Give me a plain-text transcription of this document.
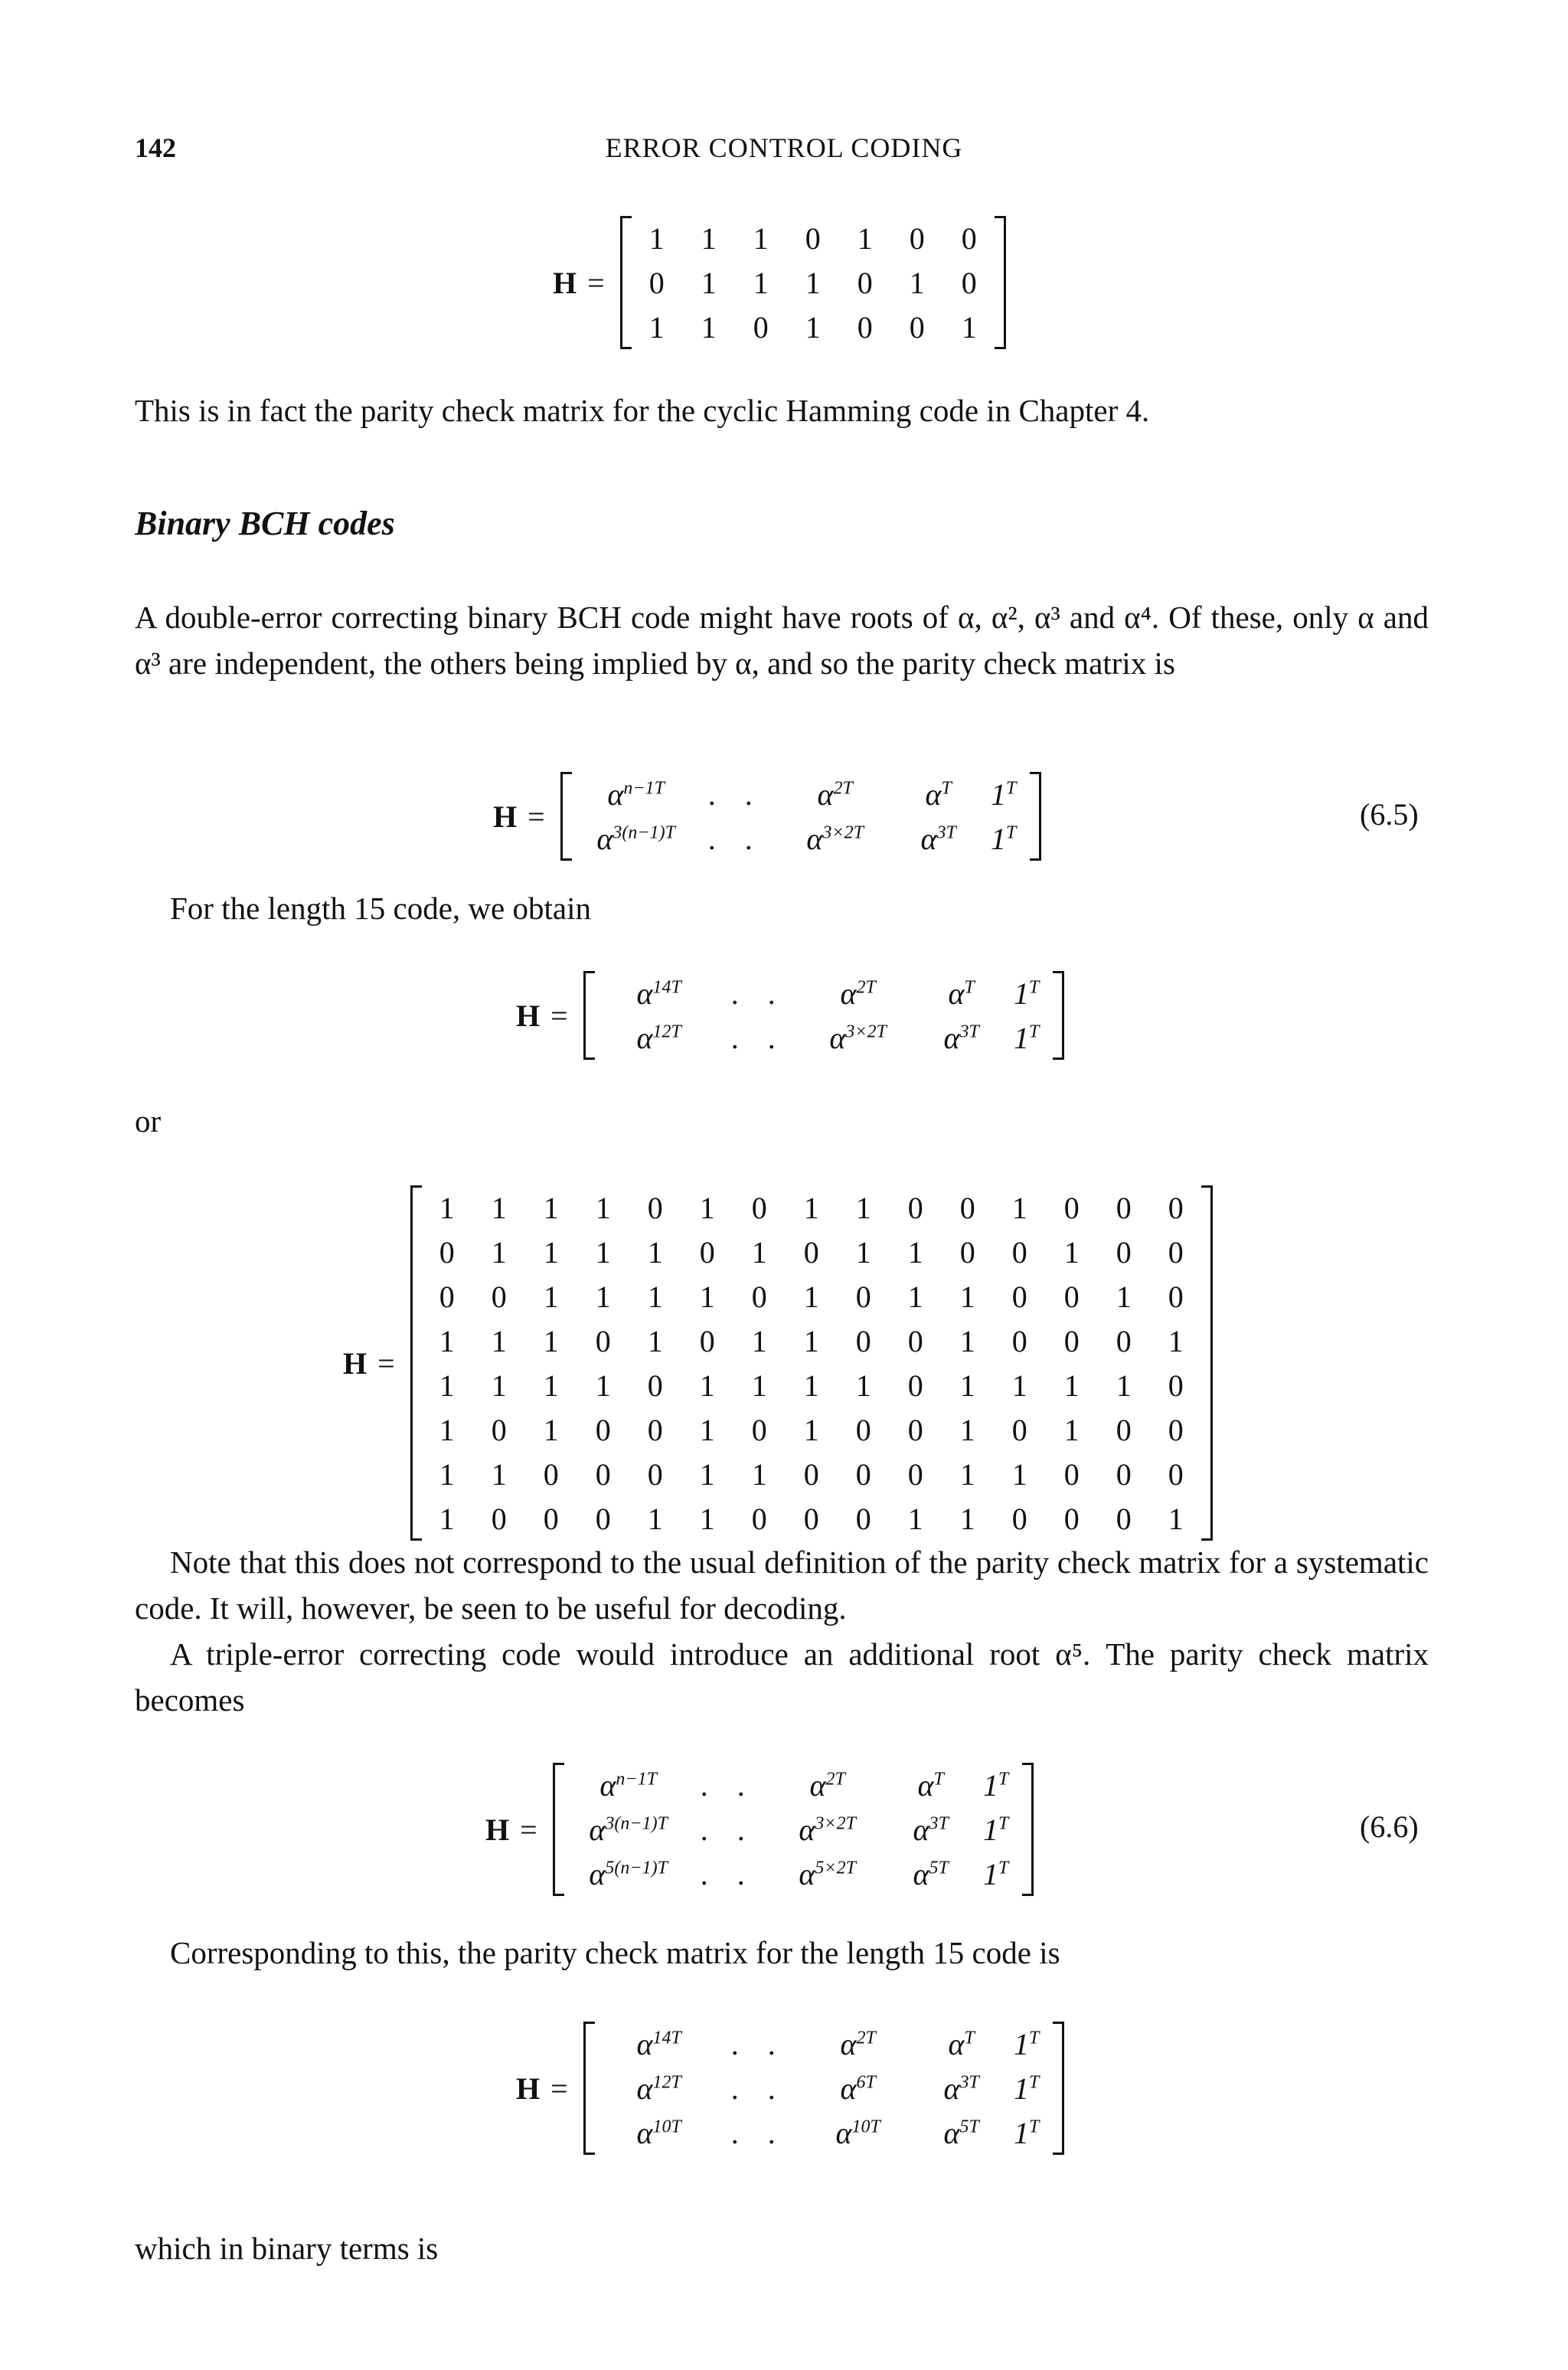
142	ERROR CONTROL CODING
H =
1	1	1	0	1	0	0
0	1	1	1	0	1	0
1	1	0	1	0	0	1

This is in fact the parity check matrix for the cyclic Hamming code in Chapter 4.

Binary BCH codes

A double-error correcting binary BCH code might have roots of α, α², α³ and α⁴. Of these, only α and α³ are independent, the others being implied by α, and so the parity check matrix is

H =
$\alpha^{n-1T}$	. .	$\alpha^{2T}$	$\alpha^T$	$1^T$
$\alpha^{3(n-1)T}$	. .	$\alpha^{3\times 2T}$	$\alpha^{3T}$	$1^T$
(6.5)

For the length 15 code, we obtain

H =
$\alpha^{14T}$	. .	$\alpha^{2T}$	$\alpha^T$	$1^T$
$\alpha^{12T}$	. .	$\alpha^{3\times 2T}$	$\alpha^{3T}$	$1^T$
or
H =
1	1	1	1	0	1	0	1	1	0	0	1	0	0	0
0	1	1	1	1	0	1	0	1	1	0	0	1	0	0
0	0	1	1	1	1	0	1	0	1	1	0	0	1	0
1	1	1	0	1	0	1	1	0	0	1	0	0	0	1
1	1	1	1	0	1	1	1	1	0	1	1	1	1	0
1	0	1	0	0	1	0	1	0	0	1	0	1	0	0
1	1	0	0	0	1	1	0	0	0	1	1	0	0	0
1	0	0	0	1	1	0	0	0	1	1	0	0	0	1

Note that this does not correspond to the usual definition of the parity check matrix for a systematic code. It will, however, be seen to be useful for decoding.

A triple-error correcting code would introduce an additional root α⁵. The parity check matrix becomes

H =
$\alpha^{n-1T}$	. .	$\alpha^{2T}$	$\alpha^T$	$1^T$
$\alpha^{3(n-1)T}$	. .	$\alpha^{3\times 2T}$	$\alpha^{3T}$	$1^T$
$\alpha^{5(n-1)T}$	. .	$\alpha^{5\times 2T}$	$\alpha^{5T}$	$1^T$
(6.6)

Corresponding to this, the parity check matrix for the length 15 code is

H =
$\alpha^{14T}$	. .	$\alpha^{2T}$	$\alpha^T$	$1^T$
$\alpha^{12T}$	. .	$\alpha^{6T}$	$\alpha^{3T}$	$1^T$
$\alpha^{10T}$	. .	$\alpha^{10T}$	$\alpha^{5T}$	$1^T$

which in binary terms is
